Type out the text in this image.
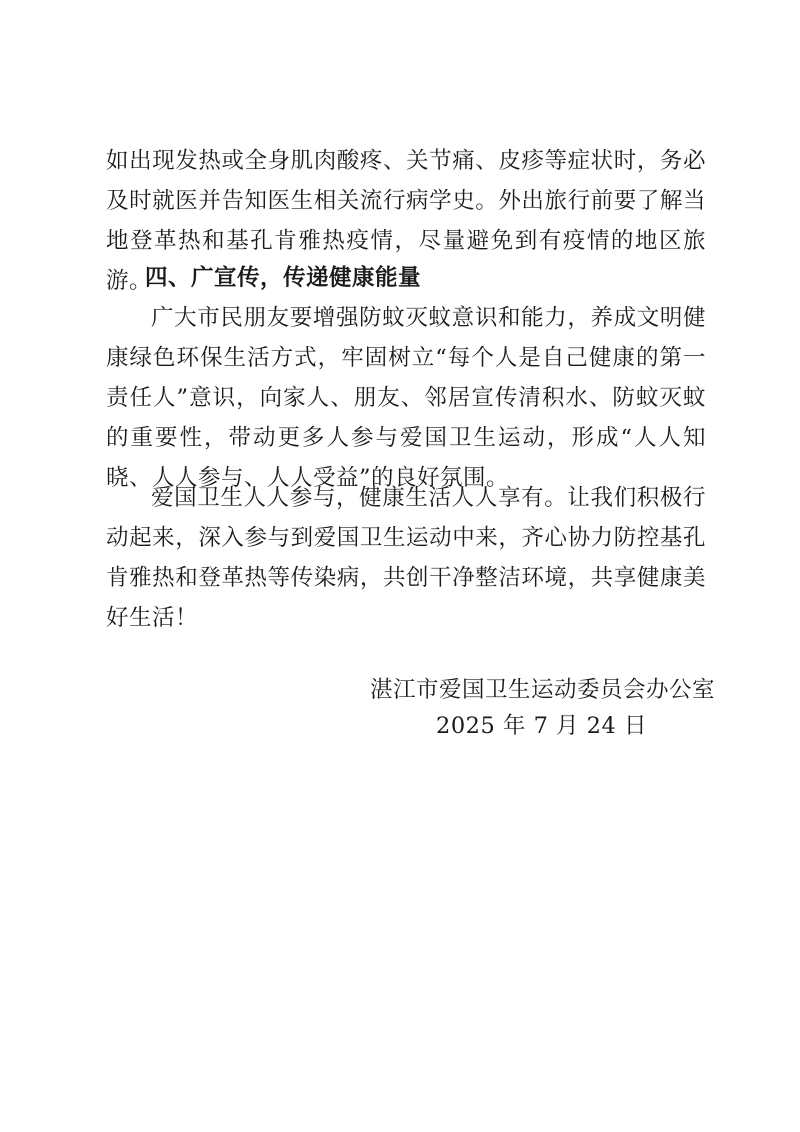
如出现发热或全身肌肉酸疼、关节痛、皮疹等症状时，务必及时就医并告知医生相关流行病学史。外出旅行前要了解当地登革热和基孔肯雅热疫情，尽量避免到有疫情的地区旅游。

四、广宣传，传递健康能量

广大市民朋友要增强防蚊灭蚊意识和能力，养成文明健康绿色环保生活方式，牢固树立“每个人是自己健康的第一责任人”意识，向家人、朋友、邻居宣传清积水、防蚊灭蚊的重要性，带动更多人参与爱国卫生运动，形成“人人知晓、人人参与、人人受益”的良好氛围。

爱国卫生人人参与，健康生活人人享有。让我们积极行动起来，深入参与到爱国卫生运动中来，齐心协力防控基孔肯雅热和登革热等传染病，共创干净整洁环境，共享健康美好生活！

湛江市爱国卫生运动委员会办公室

2025 年 7 月 24 日
